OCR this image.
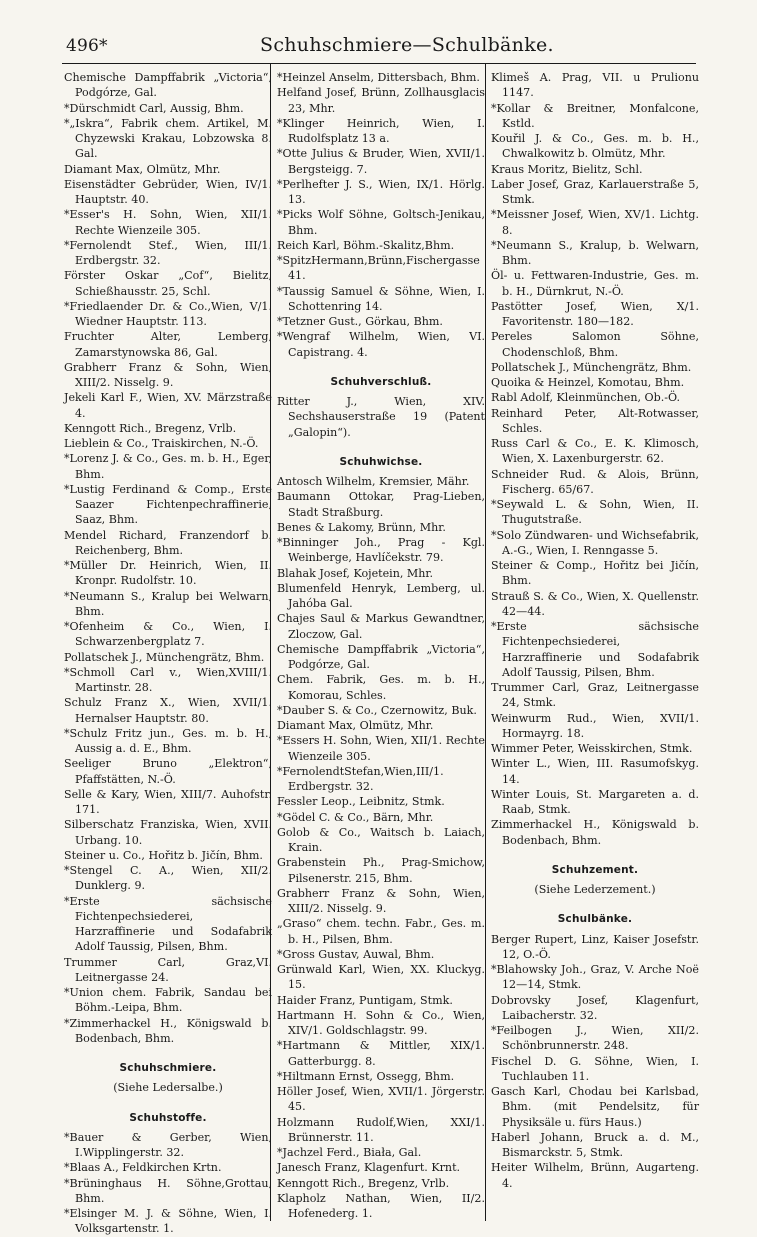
496*	Schuhschmiere—Schulbänke.
Chemische Dampffabrik „Victoria“, Podgórze, Gal.
*Dürschmidt Carl, Aussig, Bhm.
*„Iskra“, Fabrik chem. Artikel, M. Chyzewski Krakau, Lobzowska 8. Gal.
Diamant Max, Olmütz, Mhr.
Eisenstädter Gebrüder, Wien, IV/1. Hauptstr. 40.
*Esser's H. Sohn, Wien, XII/1. Rechte Wienzeile 305.
*Fernolendt Stef., Wien, III/1. Erdbergstr. 32.
Förster Oskar „Cof“, Bielitz, Schießhausstr. 25, Schl.
*Friedlaender Dr. & Co.,Wien, V/1. Wiedner Hauptstr. 113.
Fruchter Alter, Lemberg, Zamarstynowska 86, Gal.
Grabherr Franz & Sohn, Wien, XIII/2. Nisselg. 9.
Jekeli Karl F., Wien, XV. Märzstraße 4.
Kenngott Rich., Bregenz, Vrlb.
Lieblein & Co., Traiskirchen, N.-Ö.
*Lorenz J. & Co., Ges. m. b. H., Eger, Bhm.
*Lustig Ferdinand & Comp., Erste Saazer Fichtenpechraffinerie, Saaz, Bhm.
Mendel Richard, Franzendorf b. Reichenberg, Bhm.
*Müller Dr. Heinrich, Wien, II. Kronpr. Rudolfstr. 10.
*Neumann S., Kralup bei Welwarn, Bhm.
*Ofenheim & Co., Wien, I. Schwarzenbergplatz 7.
Pollatschek J., Münchengrätz, Bhm.
*Schmoll Carl v., Wien,XVIII/1. Martinstr. 28.
Schulz Franz X., Wien, XVII/1. Hernalser Hauptstr. 80.
*Schulz Fritz jun., Ges. m. b. H., Aussig a. d. E., Bhm.
Seeliger Bruno „Elektron“, Pfaffstätten, N.-Ö.
Selle & Kary, Wien, XIII/7. Auhofstr. 171.
Silberschatz Franziska, Wien, XVII. Urbang. 10.
Steiner u. Co., Hořitz b. Jičín, Bhm.
*Stengel C. A., Wien, XII/2. Dunklerg. 9.
*Erste sächsische Fichtenpechsiederei, Harzraffinerie und Sodafabrik Adolf Taussig, Pilsen, Bhm.
Trummer Carl, Graz,VI. Leitnergasse 24.
*Union chem. Fabrik, Sandau bei Böhm.-Leipa, Bhm.
*Zimmerhackel H., Königswald b. Bodenbach, Bhm.
Schuhschmiere.
(Siehe Ledersalbe.)
Schuhstoffe.
*Bauer & Gerber, Wien, I.Wipplingerstr. 32.
*Blaas A., Feldkirchen Krtn.
*Brüninghaus H. Söhne,Grottau, Bhm.
*Elsinger M. J. & Söhne, Wien, I. Volksgartenstr. 1.
*Heinzel Anselm, Dittersbach, Bhm.
Helfand Josef, Brünn, Zollhausglacis 23, Mhr.
*Klinger Heinrich, Wien, I. Rudolfsplatz 13 a.
*Otte Julius & Bruder, Wien, XVII/1. Bergsteigg. 7.
*Perlhefter J. S., Wien, IX/1. Hörlg. 13.
*Picks Wolf Söhne, Goltsch-Jenikau, Bhm.
Reich Karl, Böhm.-Skalitz,Bhm.
*SpitzHermann,Brünn,Fischergasse 41.
*Taussig Samuel & Söhne, Wien, I. Schottenring 14.
*Tetzner Gust., Görkau, Bhm.
*Wengraf Wilhelm, Wien, VI. Capistrang. 4.
Schuhverschluß.
Ritter J., Wien, XIV. Sechshauserstraße 19 (Patent „Galopin“).
Schuhwichse.
Antosch Wilhelm, Kremsier, Mähr.
Baumann Ottokar, Prag-Lieben, Stadt Straßburg.
Benes & Lakomy, Brünn, Mhr.
*Binninger Joh., Prag - Kgl. Weinberge, Havlíčekstr. 79.
Blahak Josef, Kojetein, Mhr.
Blumenfeld Henryk, Lemberg, ul. Jahóba Gal.
Chajes Saul & Markus Gewandtner, Zloczow, Gal.
Chemische Dampffabrik „Victoria“, Podgórze, Gal.
Chem. Fabrik, Ges. m. b. H., Komorau, Schles.
*Dauber S. & Co., Czernowitz, Buk.
Diamant Max, Olmütz, Mhr.
*Essers H. Sohn, Wien, XII/1. Rechte Wienzeile 305.
*FernolendtStefan,Wien,III/1. Erdbergstr. 32.
Fessler Leop., Leibnitz, Stmk.
*Gödel C. & Co., Bärn, Mhr.
Golob & Co., Waitsch b. Laiach, Krain.
Grabenstein Ph., Prag-Smichow, Pilsenerstr. 215, Bhm.
Grabherr Franz & Sohn, Wien, XIII/2. Nisselg. 9.
„Graso“ chem. techn. Fabr., Ges. m. b. H., Pilsen, Bhm.
*Gross Gustav, Auwal, Bhm.
Grünwald Karl, Wien, XX. Kluckyg. 15.
Haider Franz, Puntigam, Stmk.
Hartmann H. Sohn & Co., Wien, XIV/1. Goldschlagstr. 99.
*Hartmann & Mittler, XIX/1. Gatterburgg. 8.
*Hiltmann Ernst, Ossegg, Bhm.
Höller Josef, Wien, XVII/1. Jörgerstr. 45.
Holzmann Rudolf,Wien, XXI/1. Brünnerstr. 11.
*Jachzel Ferd., Biała, Gal.
Janesch Franz, Klagenfurt. Krnt.
Kenngott Rich., Bregenz, Vrlb.
Klapholz Nathan, Wien, II/2. Hofenederg. 1.
Klimeš A. Prag, VII. u Prulionu 1147.
*Kollar & Breitner, Monfalcone, Kstld.
Kouřil J. & Co., Ges. m. b. H., Chwalkowitz b. Olmütz, Mhr.
Kraus Moritz, Bielitz, Schl.
Laber Josef, Graz, Karlauerstraße 5, Stmk.
*Meissner Josef, Wien, XV/1. Lichtg. 8.
*Neumann S., Kralup, b. Welwarn, Bhm.
Öl- u. Fettwaren-Industrie, Ges. m. b. H., Dürnkrut, N.-Ö.
Pastötter Josef, Wien, X/1. Favoritenstr. 180—182.
Pereles Salomon Söhne, Chodenschloß, Bhm.
Pollatschek J., Münchengrätz, Bhm.
Quoika & Heinzel, Komotau, Bhm.
Rabl Adolf, Kleinmünchen, Ob.-Ö.
Reinhard Peter, Alt-Rotwasser, Schles.
Russ Carl & Co., E. K. Klimosch, Wien, X. Laxenburgerstr. 62.
Schneider Rud. & Alois, Brünn, Fischerg. 65/67.
*Seywald L. & Sohn, Wien, II. Thugutstraße.
*Solo Zündwaren- und Wichsefabrik, A.-G., Wien, I. Renngasse 5.
Steiner & Comp., Hořitz bei Jičín, Bhm.
Strauß S. & Co., Wien, X. Quellenstr. 42—44.
*Erste sächsische Fichtenpechsiederei, Harzraffinerie und Sodafabrik Adolf Taussig, Pilsen, Bhm.
Trummer Carl, Graz, Leitnergasse 24, Stmk.
Weinwurm Rud., Wien, XVII/1. Hormayrg. 18.
Wimmer Peter, Weisskirchen, Stmk.
Winter L., Wien, III. Rasumofskyg. 14.
Winter Louis, St. Margareten a. d. Raab, Stmk.
Zimmerhackel H., Königswald b. Bodenbach, Bhm.
Schuhzement.
(Siehe Lederzement.)
Schulbänke.
Berger Rupert, Linz, Kaiser Josefstr. 12, O.-Ö.
*Blahowsky Joh., Graz, V. Arche Noë 12—14, Stmk.
Dobrovsky Josef, Klagenfurt, Laibacherstr. 32.
*Feilbogen J., Wien, XII/2. Schönbrunnerstr. 248.
Fischel D. G. Söhne, Wien, I. Tuchlauben 11.
Gasch Karl, Chodau bei Karlsbad, Bhm. (mit Pendelsitz, für Physiksäle u. fürs Haus.)
Haberl Johann, Bruck a. d. M., Bismarckstr. 5, Stmk.
Heiter Wilhelm, Brünn, Augarteng. 4.
